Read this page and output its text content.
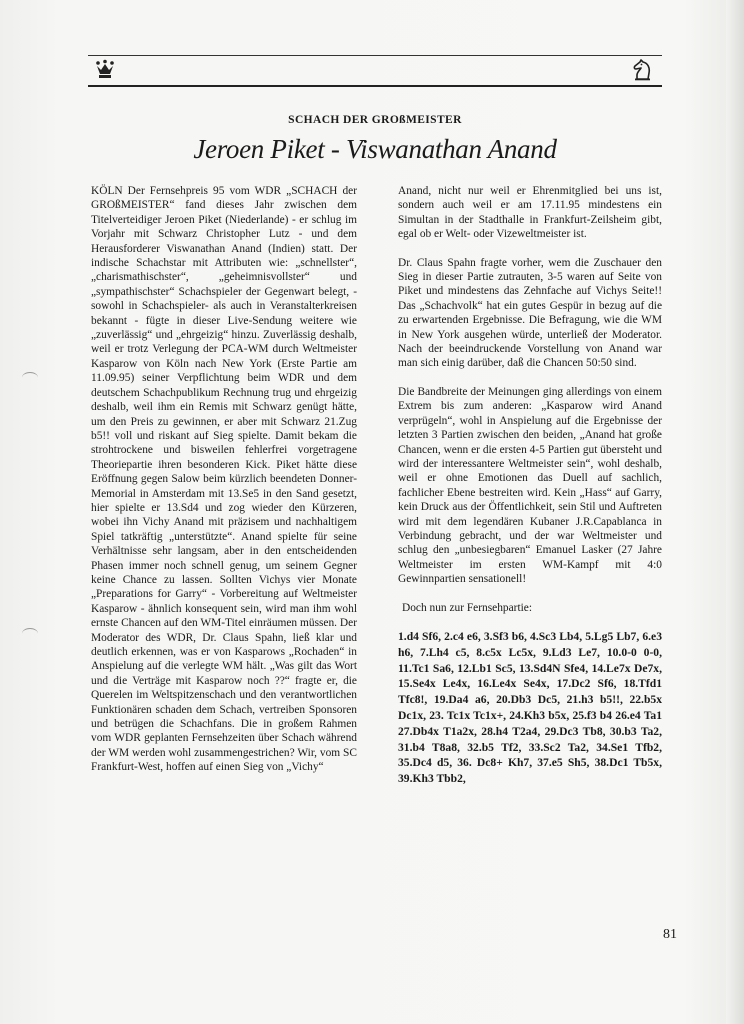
SCHACH DER GROßMEISTER
Jeroen Piket - Viswanathan Anand

KÖLN Der Fernsehpreis 95 vom WDR „SCHACH der GROßMEISTER“ fand dieses Jahr zwischen dem Titelverteidiger Jeroen Piket (Niederlande) - er schlug im Vorjahr mit Schwarz Christopher Lutz - und dem Herausforderer Viswanathan Anand (Indien) statt. Der indische Schachstar mit Attributen wie: „schnellster“, „charismathischster“, „geheimnisvollster“ und „sympathischster“ Schachspieler der Gegenwart belegt, - sowohl in Schachspieler- als auch in Veranstalterkreisen bekannt - fügte in dieser Live-Sendung weitere wie „zuverlässig“ und „ehrgeizig“ hinzu. Zuverlässig deshalb, weil er trotz Verlegung der PCA-WM durch Weltmeister Kasparow von Köln nach New York (Erste Partie am 11.09.95) seiner Verpflichtung beim WDR und dem deutschem Schachpublikum Rechnung trug und ehrgeizig deshalb, weil ihm ein Remis mit Schwarz genügt hätte, um den Preis zu gewinnen, er aber mit Schwarz 21.Zug b5!! voll und riskant auf Sieg spielte. Damit bekam die strohtrockene und bisweilen fehlerfrei vorgetragene Theoriepartie ihren besonderen Kick. Piket hätte diese Eröffnung gegen Salow beim kürzlich beendeten Donner-Memorial in Amsterdam mit 13.Se5 in den Sand gesetzt, hier spielte er 13.Sd4 und zog wieder den Kürzeren, wobei ihn Vichy Anand mit präzisem und nachhaltigem Spiel tatkräftig „unterstützte“. Anand spielte für seine Verhältnisse sehr langsam, aber in den entscheidenden Phasen immer noch schnell genug, um seinem Gegner keine Chance zu lassen. Sollten Vichys vier Monate „Preparations for Garry“ - Vorbereitung auf Weltmeister Kasparow - ähnlich konsequent sein, wird man ihm wohl ernste Chancen auf den WM-Titel einräumen müssen. Der Moderator des WDR, Dr. Claus Spahn, ließ klar und deutlich erkennen, was er von Kasparows „Rochaden“ in Anspielung auf die verlegte WM hält. „Was gilt das Wort und die Verträge mit Kasparow noch ??“ fragte er, die Querelen im Weltspitzenschach und den verantwortlichen Funktionären schaden dem Schach, vertreiben Sponsoren und betrügen die Schachfans. Die in großem Rahmen vom WDR geplanten Fernsehzeiten über Schach während der WM werden wohl zusammengestrichen? Wir, vom SC Frankfurt-West, hoffen auf einen Sieg von „Vichy“

Anand, nicht nur weil er Ehrenmitglied bei uns ist, sondern auch weil er am 17.11.95 mindestens ein Simultan in der Stadthalle in Frankfurt-Zeilsheim gibt, egal ob er Welt- oder Vizeweltmeister ist.

Dr. Claus Spahn fragte vorher, wem die Zuschauer den Sieg in dieser Partie zutrauten, 3-5 waren auf Seite von Piket und mindestens das Zehnfache auf Vichys Seite!! Das „Schachvolk“ hat ein gutes Gespür in bezug auf die zu erwartenden Ergebnisse. Die Befragung, wie die WM in New York ausgehen würde, unterließ der Moderator. Nach der beeindruckende Vorstellung von Anand war man sich einig darüber, daß die Chancen 50:50 sind.

Die Bandbreite der Meinungen ging allerdings von einem Extrem bis zum anderen: „Kasparow wird Anand verprügeln“, wohl in Anspielung auf die Ergebnisse der letzten 3 Partien zwischen den beiden, „Anand hat große Chancen, wenn er die ersten 4-5 Partien gut übersteht und wird der interessantere Weltmeister sein“, wohl deshalb, weil er ohne Emotionen das Duell auf sachlich, fachlicher Ebene bestreiten wird. Kein „Hass“ auf Garry, kein Druck aus der Öffentlichkeit, sein Stil und Auftreten wird mit dem legendären Kubaner J.R.Capablanca in Verbindung gebracht, und der war Weltmeister und schlug den „unbesiegbaren“ Emanuel Lasker (27 Jahre Weltmeister im ersten WM-Kampf mit 4:0 Gewinnpartien sensationell!

Doch nun zur Fernsehpartie:

1.d4 Sf6, 2.c4 e6, 3.Sf3 b6, 4.Sc3 Lb4, 5.Lg5 Lb7, 6.e3 h6, 7.Lh4 c5, 8.c5x Lc5x, 9.Ld3 Le7, 10.0-0 0-0, 11.Tc1 Sa6, 12.Lb1 Sc5, 13.Sd4N Sfe4, 14.Le7x De7x, 15.Se4x Le4x, 16.Le4x Se4x, 17.Dc2 Sf6, 18.Tfd1 Tfc8!, 19.Da4 a6, 20.Db3 Dc5, 21.h3 b5!!, 22.b5x Dc1x, 23. Tc1x Tc1x+, 24.Kh3 b5x, 25.f3 b4 26.e4 Ta1 27.Db4x T1a2x, 28.h4 T2a4, 29.Dc3 Tb8, 30.b3 Ta2, 31.b4 T8a8, 32.b5 Tf2, 33.Sc2 Ta2, 34.Se1 Tfb2, 35.Dc4 d5, 36. Dc8+ Kh7, 37.e5 Sh5, 38.Dc1 Tb5x, 39.Kh3 Tbb2,

81
